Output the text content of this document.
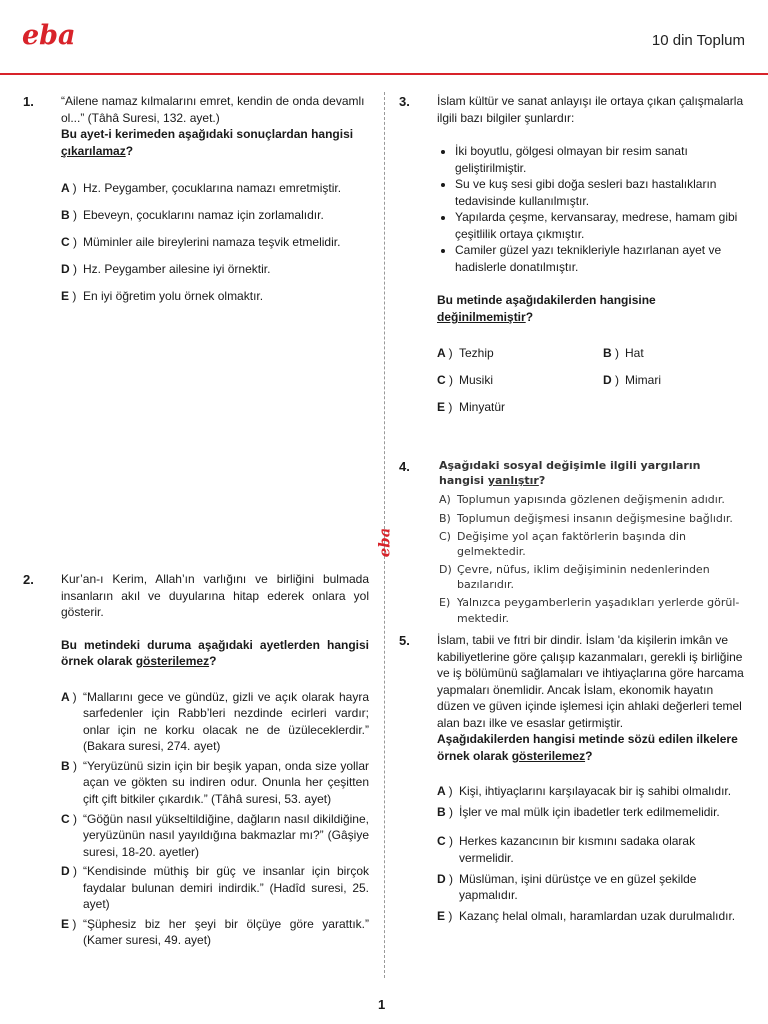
eba	10 din Toplum
eba
1. “Ailene namaz kılmalarını emret, kendin de onda devamlı ol...” (Tâhâ Suresi, 132. ayet.)

Bu ayet-i kerimeden aşağıdaki sonuçlardan hangisi çıkarılamaz?

A ) Hz. Peygamber, çocuklarına namazı emretmiştir.
B ) Ebeveyn, çocuklarını namaz için zorlamalıdır.
C ) Müminler aile bireylerini namaza teşvik etmelidir.
D ) Hz. Peygamber ailesine iyi örnektir.
E ) En iyi öğretim yolu örnek olmaktır.
2. Kur’an-ı Kerim, Allah’ın varlığını ve birliğini bulmada insanların akıl ve duyularına hitap ederek onlara yol gösterir.

Bu metindeki duruma aşağıdaki ayetlerden hangisi örnek olarak gösterilemez?

A ) “Mallarını gece ve gündüz, gizli ve açık olarak hayra sarfedenler için Rabb’leri nezdinde ecirleri vardır; onlar için ne korku olacak ne de üzüleceklerdir.” (Bakara suresi, 274. ayet)
B ) “Yeryüzünü sizin için bir beşik yapan, onda size yollar açan ve gökten su indiren odur. Onunla her çeşitten çift çift bitkiler çıkardık.” (Tâhâ suresi, 53. ayet)
C ) “Göğün nasıl yükseltildiğine, dağların nasıl dikildiğine, yeryüzünün nasıl yayıldığına bakmazlar mı?” (Gâşiye suresi, 18-20. ayetler)
D ) “Kendisinde müthiş bir güç ve insanlar için birçok faydalar bulunan demiri indirdik.” (Hadîd suresi, 25. ayet)
E ) “Şüphesiz biz her şeyi bir ölçüye göre yarattık.” (Kamer suresi, 49. ayet)
3. İslam kültür ve sanat anlayışı ile ortaya çıkan çalışmalarla ilgili bazı bilgiler şunlardır:

• İki boyutlu, gölgesi olmayan bir resim sanatı geliştirilmiştir.
• Su ve kuş sesi gibi doğa sesleri bazı hastalıkların tedavisinde kullanılmıştır.
• Yapılarda çeşme, kervansaray, medrese, hamam gibi çeşitlilik ortaya çıkmıştır.
• Camiler güzel yazı teknikleriyle hazırlanan ayet ve hadislerle donatılmıştır.

Bu metinde aşağıdakilerden hangisine değinilmemiştir?

A ) Tezhip	B ) Hat
C ) Musiki	D ) Mimari
E ) Minyatür
4.	Aşağıdaki sosyal değişimle ilgili yargıların hangisi yanlıştır?

A) Toplumun yapısında gözlenen değişmenin adıdır.
B) Toplumun değişmesi insanın değişmesine bağlıdır.
C) Değişime yol açan faktörlerin başında din gelmektedir.
D) Çevre, nüfus, iklim değişiminin nedenlerinden bazılarıdır.
E) Yalnızca peygamberlerin yaşadıkları yerlerde görül-mektedir.
5. İslam, tabii ve fıtri bir dindir. İslam 'da kişilerin imkân ve kabiliyetlerine göre çalışıp kazanmaları, gerekli iş birliğine ve iş bölümünü sağlamaları ve ihtiyaçlarına göre harcama yapmaları önemlidir. Ancak İslam, ekonomik hayatın düzen ve güven içinde işlemesi için ahlaki değerleri temel alan bazı ilke ve esaslar getirmiştir.

Aşağıdakilerden hangisi metinde sözü edilen ilkelere örnek olarak gösterilemez?

A ) Kişi, ihtiyaçlarını karşılayacak bir iş sahibi olmalıdır.
B ) İşler ve mal mülk için ibadetler terk edilmemelidir.
C ) Herkes kazancının bir kısmını sadaka olarak vermelidir.
D ) Müslüman, işini dürüstçe ve en güzel şekilde yapmalıdır.
E ) Kazanç helal olmalı, haramlardan uzak durulmalıdır.
1
